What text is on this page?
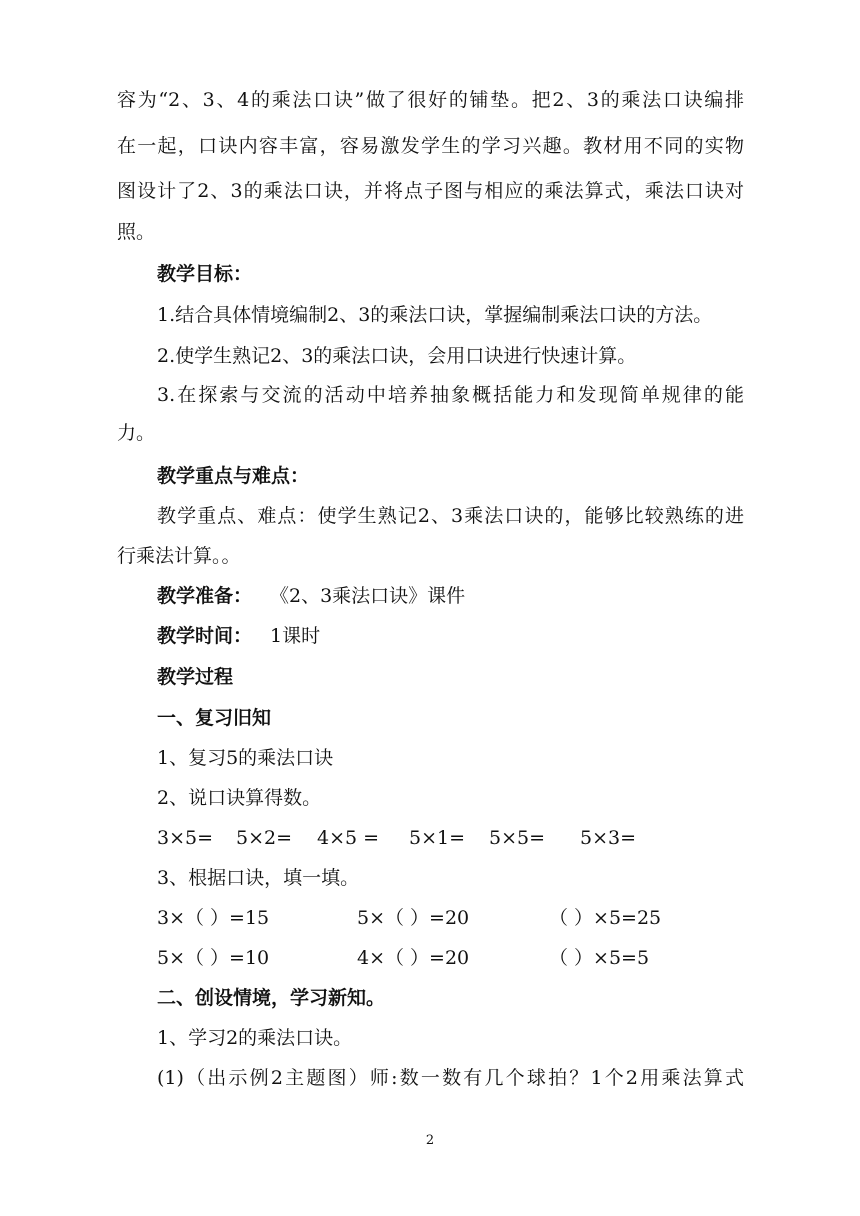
容为“2、3、4的乘法口诀”做了很好的铺垫。把2、3的乘法口诀编排
在一起，口诀内容丰富，容易激发学生的学习兴趣。教材用不同的实物
图设计了2、3的乘法口诀，并将点子图与相应的乘法算式，乘法口诀对
照。
教学目标：
1.结合具体情境编制2、3的乘法口诀，掌握编制乘法口诀的方法。
2.使学生熟记2、3的乘法口诀，会用口诀进行快速计算。
3.在探索与交流的活动中培养抽象概括能力和发现简单规律的能
力。
教学重点与难点：
教学重点、难点：使学生熟记2、3乘法口诀的，能够比较熟练的进
行乘法计算。。
教学准备： 《2、3乘法口诀》课件
教学时间： 1课时
教学过程
一、复习旧知
1、复习5的乘法口诀
2、说口诀算得数。
3×5= 5×2= 4×5 = 5×1= 5×5= 5×3=
3、根据口诀，填一填。
3×（ ）=15	5×（ ）=20	（ ）×5=25
5×（ ）=10	4×（ ）=20	（ ）×5=5
二、创设情境，学习新知。
1、学习2的乘法口诀。
(1)（出示例2主题图）师:数一数有几个球拍？1个2用乘法算式
2
